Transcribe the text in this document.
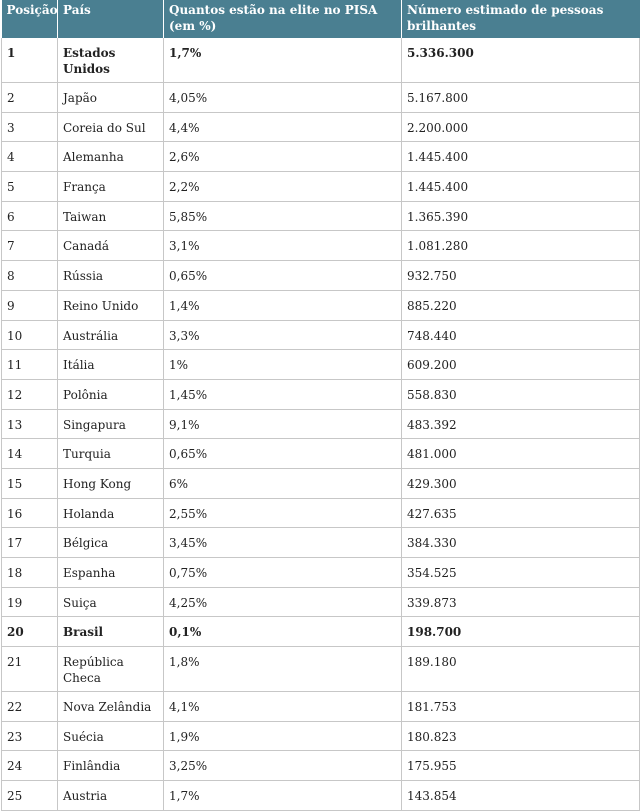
Posição	País	Quantos estão na elite no PISA (em %)	Número estimado de pessoas brilhantes
1	Estados Unidos	1,7%	5.336.300
2	Japão	4,05%	5.167.800
3	Coreia do Sul	4,4%	2.200.000
4	Alemanha	2,6%	1.445.400
5	França	2,2%	1.445.400
6	Taiwan	5,85%	1.365.390
7	Canadá	3,1%	1.081.280
8	Rússia	0,65%	932.750
9	Reino Unido	1,4%	885.220
10	Austrália	3,3%	748.440
11	Itália	1%	609.200
12	Polônia	1,45%	558.830
13	Singapura	9,1%	483.392
14	Turquia	0,65%	481.000
15	Hong Kong	6%	429.300
16	Holanda	2,55%	427.635
17	Bélgica	3,45%	384.330
18	Espanha	0,75%	354.525
19	Suiça	4,25%	339.873
20	Brasil	0,1%	198.700
21	República Checa	1,8%	189.180
22	Nova Zelândia	4,1%	181.753
23	Suécia	1,9%	180.823
24	Finlândia	3,25%	175.955
25	Austria	1,7%	143.854
